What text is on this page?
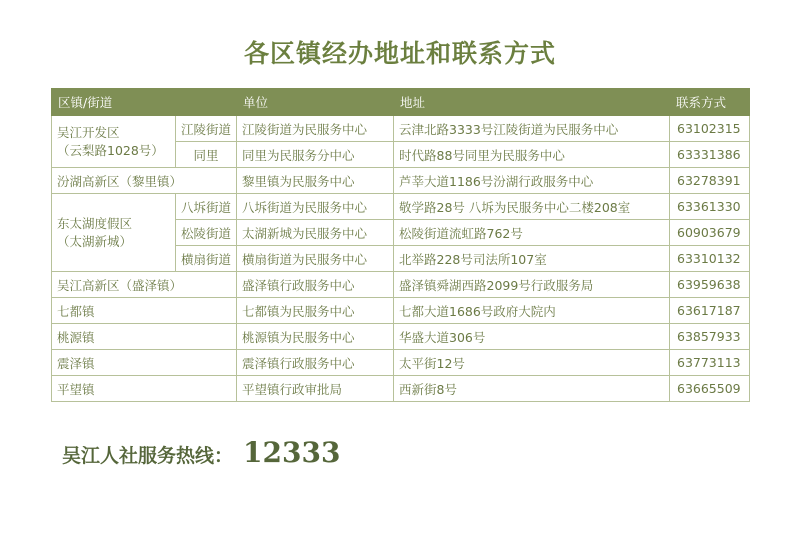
各区镇经办地址和联系方式
区镇/街道		单位	地址	联系方式

吴江开发区
（云梨路1028号）	江陵街道	江陵街道为民服务中心	云津北路3333号江陵街道为民服务中心	63102315
	同里	同里为民服务分中心	时代路88号同里为民服务中心	63331386
汾湖高新区（黎里镇）		黎里镇为民服务中心	芦莘大道1186号汾湖行政服务中心	63278391

东太湖度假区
（太湖新城）	八坼街道	八坼街道为民服务中心	敬学路28号 八坼为民服务中心二楼208室	63361330
	松陵街道	太湖新城为民服务中心	松陵街道流虹路762号	60903679
	横扇街道	横扇街道为民服务中心	北举路228号司法所107室	63310132
吴江高新区（盛泽镇）		盛泽镇行政服务中心	盛泽镇舜湖西路2099号行政服务局	63959638
七都镇		七都镇为民服务中心	七都大道1686号政府大院内	63617187
桃源镇		桃源镇为民服务中心	华盛大道306号	63857933
震泽镇		震泽镇行政服务中心	太平街12号	63773113
平望镇		平望镇行政审批局	西新街8号	63665509
吴江人社服务热线： 12333
